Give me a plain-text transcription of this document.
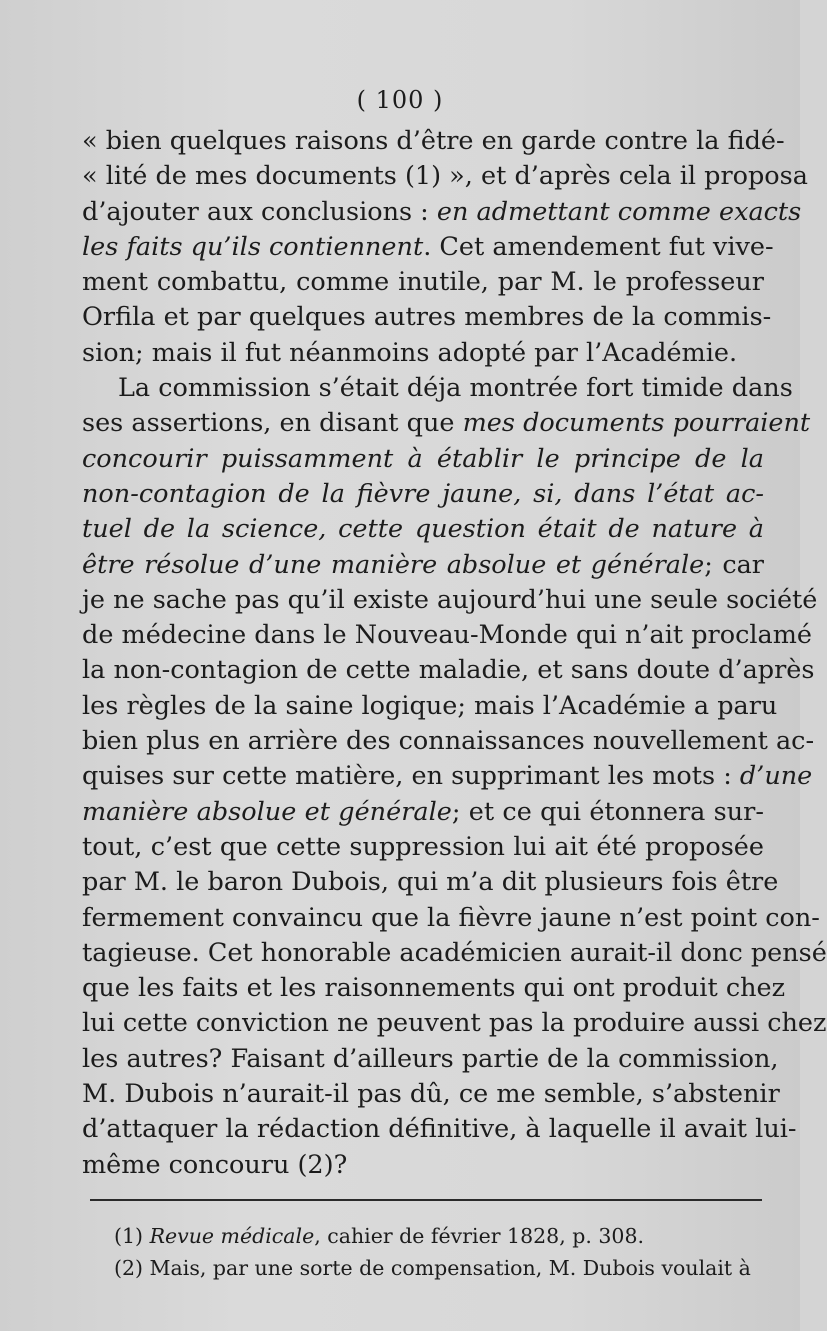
( 100 )
« bien quelques raisons d’être en garde contre la fidé-
« lité de mes documents (1) », et d’après cela il proposa
d’ajouter aux conclusions : en admettant comme exacts
les faits qu’ils contiennent. Cet amendement fut vive-
ment combattu, comme inutile, par M. le professeur
Orfila et par quelques autres membres de la commis-
sion; mais il fut néanmoins adopté par l’Académie.
La commission s’était déja montrée fort timide dans
ses assertions, en disant que mes documents pourraient
concourir puissamment à établir le principe de la
non-contagion de la fièvre jaune, si, dans l’état ac-
tuel de la science, cette question était de nature à
être résolue d’une manière absolue et générale; car
je ne sache pas qu’il existe aujourd’hui une seule société
de médecine dans le Nouveau-Monde qui n’ait proclamé
la non-contagion de cette maladie, et sans doute d’après
les règles de la saine logique; mais l’Académie a paru
bien plus en arrière des connaissances nouvellement ac-
quises sur cette matière, en supprimant les mots : d’une
manière absolue et générale; et ce qui étonnera sur-
tout, c’est que cette suppression lui ait été proposée
par M. le baron Dubois, qui m’a dit plusieurs fois être
fermement convaincu que la fièvre jaune n’est point con-
tagieuse. Cet honorable académicien aurait-il donc pensé
que les faits et les raisonnements qui ont produit chez
lui cette conviction ne peuvent pas la produire aussi chez
les autres? Faisant d’ailleurs partie de la commission,
M. Dubois n’aurait-il pas dû, ce me semble, s’abstenir
d’attaquer la rédaction définitive, à laquelle il avait lui-
même concouru (2)?
(1) Revue médicale, cahier de février 1828, p. 308.
(2) Mais, par une sorte de compensation, M. Dubois voulait à
